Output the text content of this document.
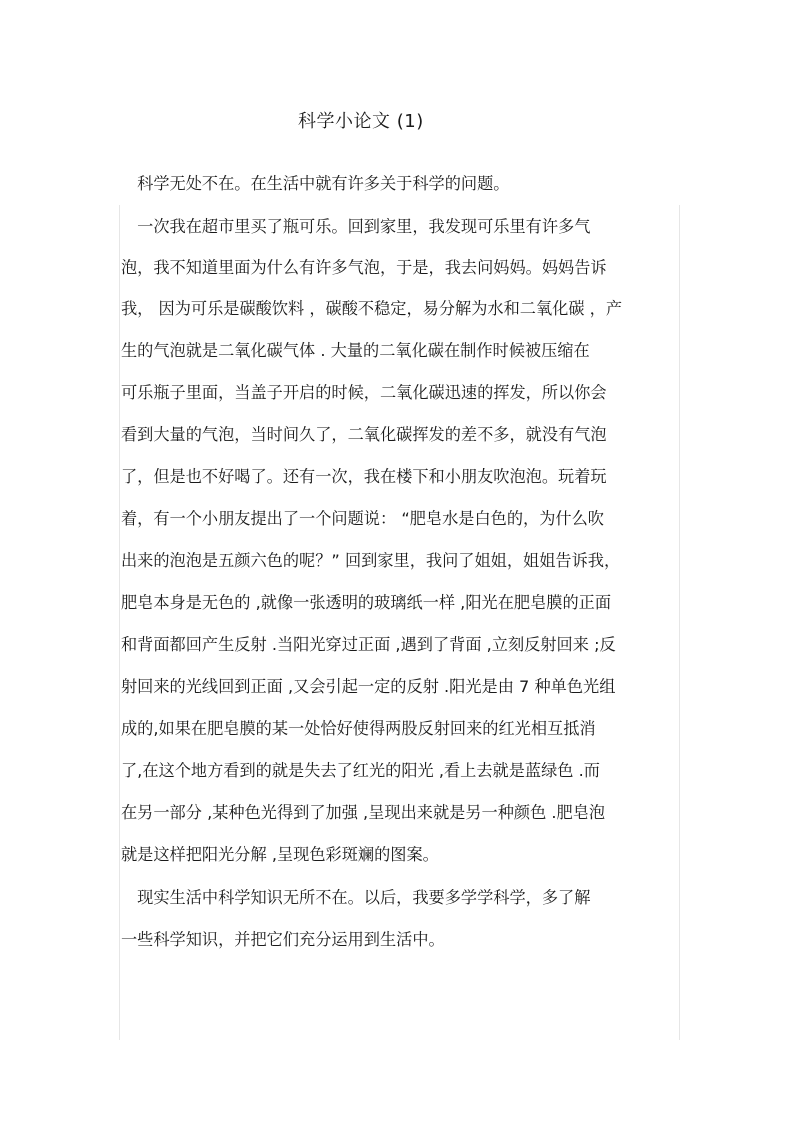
科学小论文 (1)
　科学无处不在。在生活中就有许多关于科学的问题。
　一次我在超市里买了瓶可乐。回到家里，我发现可乐里有许多气
泡，我不知道里面为什么有许多气泡，于是，我去问妈妈。妈妈告诉
我， 因为可乐是碳酸饮料 ，碳酸不稳定，易分解为水和二氧化碳 ，产
生的气泡就是二氧化碳气体 . 大量的二氧化碳在制作时候被压缩在
可乐瓶子里面，当盖子开启的时候，二氧化碳迅速的挥发，所以你会
看到大量的气泡，当时间久了，二氧化碳挥发的差不多，就没有气泡
了，但是也不好喝了。还有一次，我在楼下和小朋友吹泡泡。玩着玩
着，有一个小朋友提出了一个问题说： “肥皂水是白色的，为什么吹
出来的泡泡是五颜六色的呢？” 回到家里，我问了姐姐，姐姐告诉我，
肥皂本身是无色的 ,就像一张透明的玻璃纸一样 ,阳光在肥皂膜的正面
和背面都回产生反射 .当阳光穿过正面 ,遇到了背面 ,立刻反射回来 ;反
射回来的光线回到正面 ,又会引起一定的反射 .阳光是由 7 种单色光组
成的,如果在肥皂膜的某一处恰好使得两股反射回来的红光相互抵消
了,在这个地方看到的就是失去了红光的阳光 ,看上去就是蓝绿色 .而
在另一部分 ,某种色光得到了加强 ,呈现出来就是另一种颜色 .肥皂泡
就是这样把阳光分解 ,呈现色彩斑斓的图案。
　现实生活中科学知识无所不在。以后，我要多学学科学，多了解
一些科学知识，并把它们充分运用到生活中。
